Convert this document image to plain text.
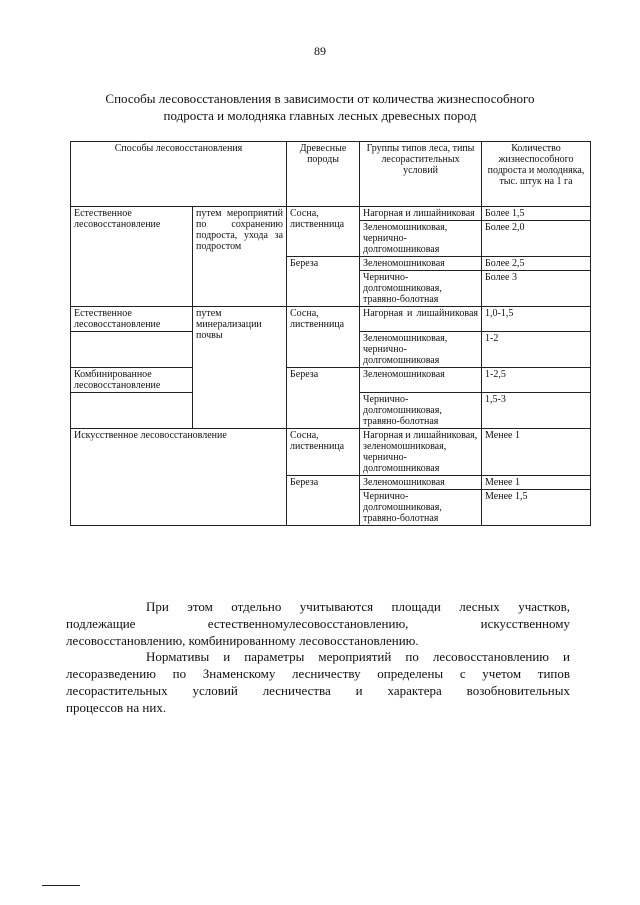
89
Способы лесовосстановления в зависимости от количества жизнеспособного
подроста и молодняка главных лесных древесных пород
Способы лесовосстановления		Древесные породы	Группы типов леса, типы лесорастительных условий	Количество жизнеспособного подроста и молодняка, тыс. штук на 1 га
Естественное лесовосстановление	путем мероприятий по сохранению подроста, ухода за подростом	Сосна, лиственница	Нагорная и лишайниковая	Более 1,5
			Зеленомошниковая, чернично-долгомошниковая	Более 2,0
		Береза	Зеленомошниковая	Более 2,5
			Чернично-долгомошниковая, травяно-болотная	Более 3
Естественное лесовосстановление	путем минерализации почвы	Сосна, лиственница	Нагорная и лишайниковая	1,0-1,5
			Зеленомошниковая, чернично-долгомошниковая	1-2
Комбинированное лесовосстановление		Береза	Зеленомошниковая	1-2,5
			Чернично-долгомошниковая, травяно-болотная	1,5-3
Искусственное лесовосстановление		Сосна, лиственница	Нагорная и лишайниковая, зеленомошниковая, чернично-долгомошниковая	Менее 1
		Береза	Зеленомошниковая	Менее 1
			Чернично-долгомошниковая, травяно-болотная	Менее 1,5
При этом отдельно учитываются площади лесных участков,
подлежащие естественномулесовосстановлению, искусственному
лесовосстановлению, комбинированному лесовосстановлению.
Нормативы и параметры мероприятий по лесовосстановлению и
лесоразведению по Знаменскому лесничеству определены с учетом типов
лесорастительных условий лесничества и характера возобновительных
процессов на них.
